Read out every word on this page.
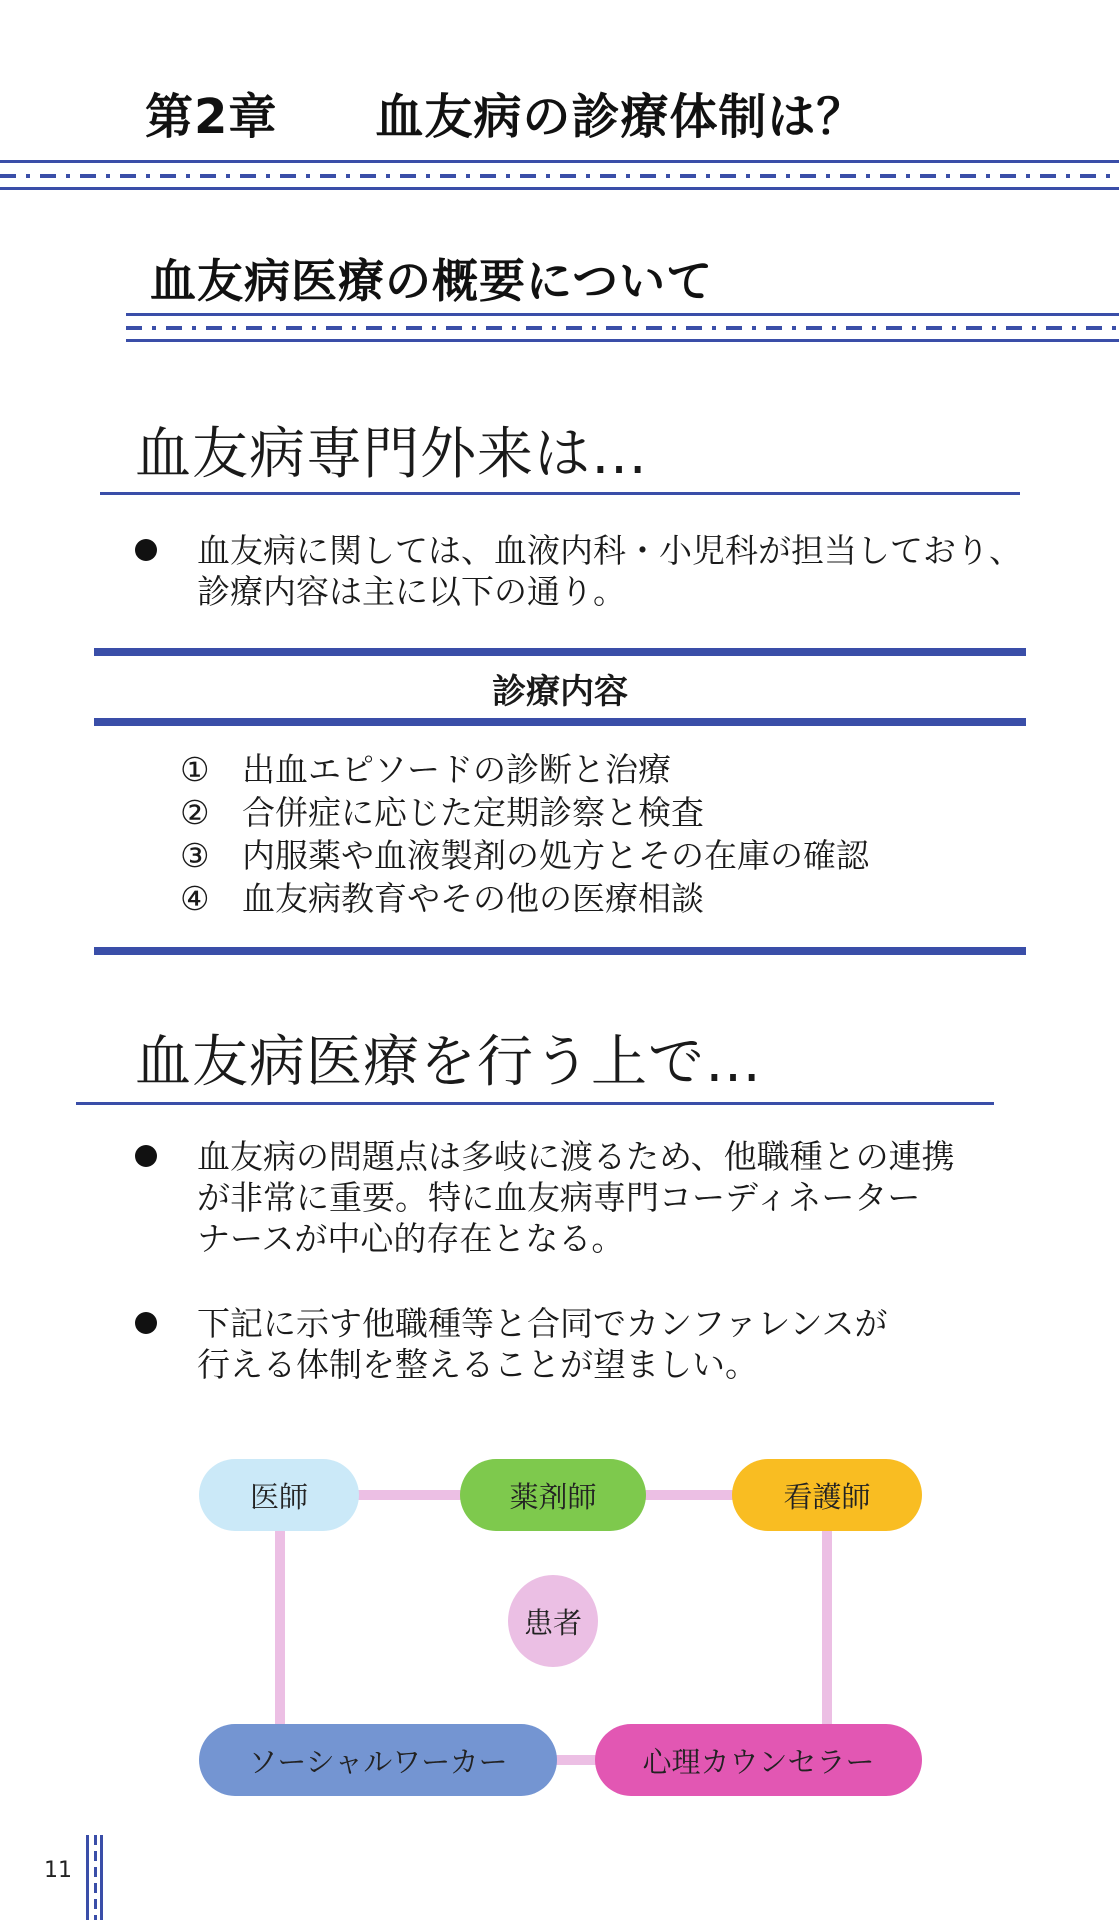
第2章　　血友病の診療体制は？
血友病医療の概要について
血友病専門外来は…
血友病に関しては、血液内科・小児科が担当しており、
診療内容は主に以下の通り。
診療内容
① 出血エピソードの診断と治療
② 合併症に応じた定期診察と検査
③ 内服薬や血液製剤の処方とその在庫の確認
④ 血友病教育やその他の医療相談
血友病医療を行う上で…
血友病の問題点は多岐に渡るため、他職種との連携
が非常に重要。特に血友病専門コーディネーター
ナースが中心的存在となる。
下記に示す他職種等と合同でカンファレンスが
行える体制を整えることが望ましい。
医師	薬剤師	看護師
患者
ソーシャルワーカー	心理カウンセラー
11
